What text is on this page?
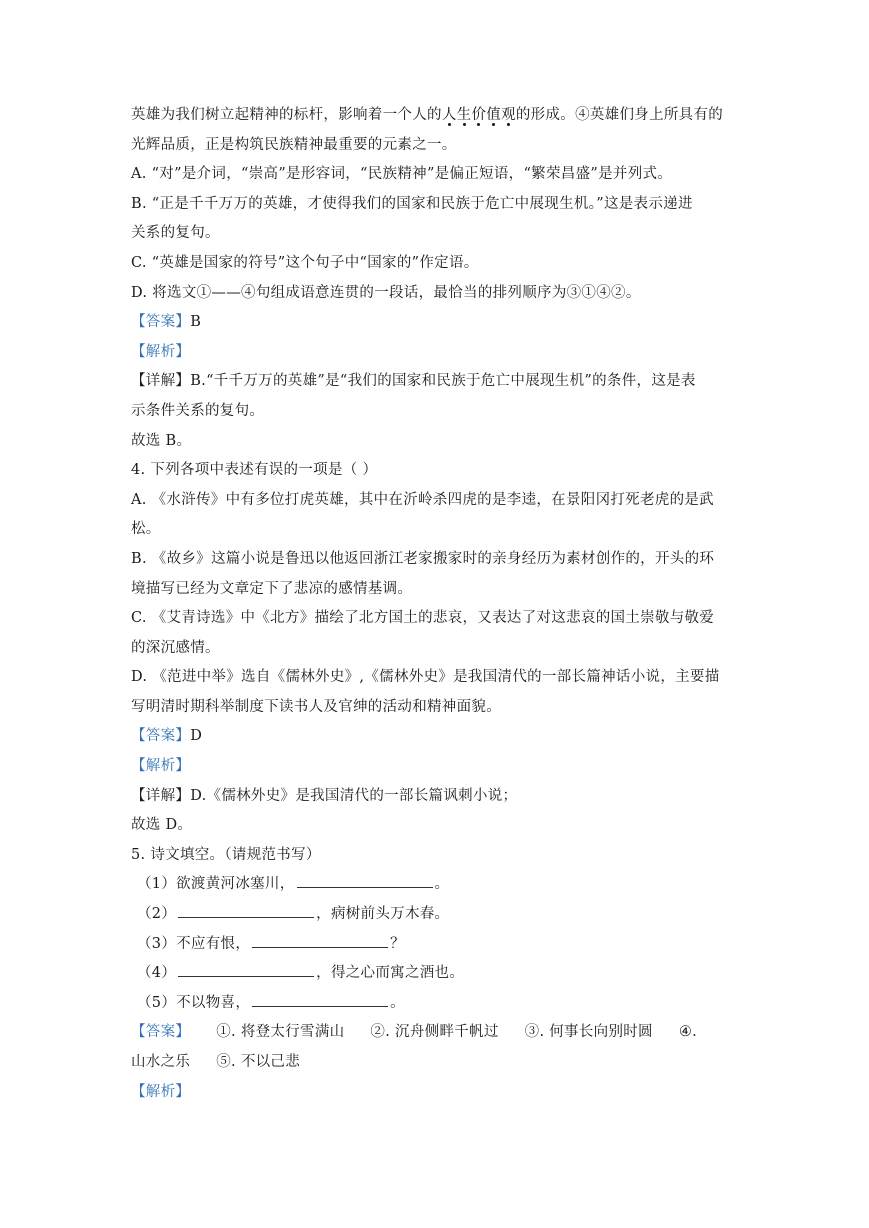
英雄为我们树立起精神的标杆，影响着一个人的人生价值观的形成。④英雄们身上所具有的
光辉品质，正是构筑民族精神最重要的元素之一。
A. “对”是介词，“崇高”是形容词，“民族精神”是偏正短语，“繁荣昌盛”是并列式。
B. “正是千千万万的英雄，才使得我们的国家和民族于危亡中展现生机。”这是表示递进
关系的复句。
C. “英雄是国家的符号”这个句子中“国家的”作定语。
D. 将选文①——④句组成语意连贯的一段话，最恰当的排列顺序为③①④②。
【答案】B
【解析】
【详解】B.“千千万万的英雄”是“我们的国家和民族于危亡中展现生机”的条件，这是表
示条件关系的复句。
故选 B。
4. 下列各项中表述有误的一项是（ ）
A. 《水浒传》中有多位打虎英雄，其中在沂岭杀四虎的是李逵，在景阳冈打死老虎的是武
松。
B. 《故乡》这篇小说是鲁迅以他返回浙江老家搬家时的亲身经历为素材创作的，开头的环
境描写已经为文章定下了悲凉的感情基调。
C. 《艾青诗选》中《北方》描绘了北方国土的悲哀，又表达了对这悲哀的国土崇敬与敬爱
的深沉感情。
D. 《范进中举》选自《儒林外史》,《儒林外史》是我国清代的一部长篇神话小说，主要描
写明清时期科举制度下读书人及官绅的活动和精神面貌。
【答案】D
【解析】
【详解】D.《儒林外史》是我国清代的一部长篇讽刺小说；
故选 D。
5. 诗文填空。（请规范书写）
（1）欲渡黄河冰塞川，	。
（2）	，病树前头万木春。
（3）不应有恨，	？
（4）	，得之心而寓之酒也。
（5）不以物喜，	。
【答案】 ①. 将登太行雪满山 ②. 沉舟侧畔千帆过 ③. 何事长向别时圆 ④.
山水之乐 ⑤. 不以己悲
【解析】
